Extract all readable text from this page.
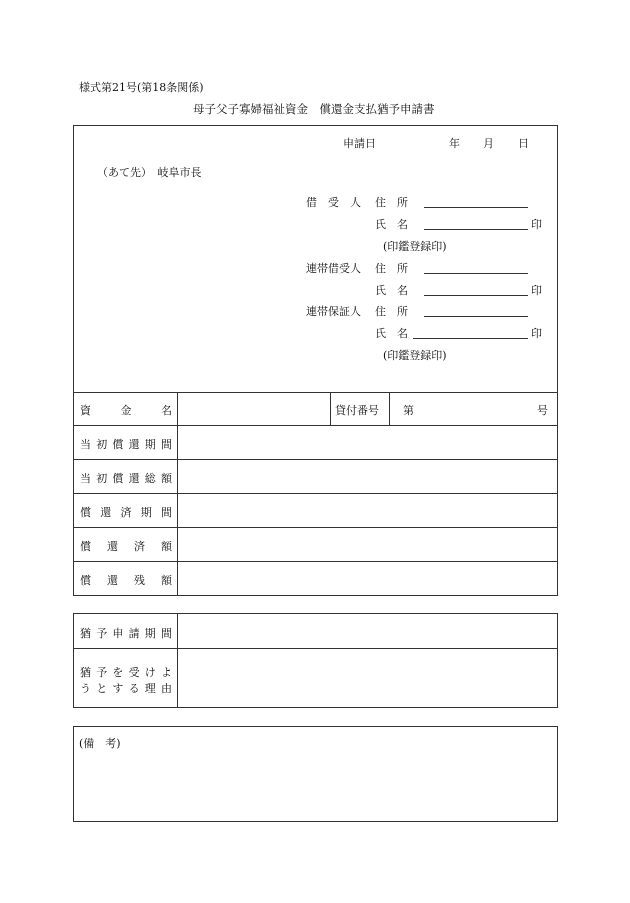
様式第21号(第18条関係)
母子父子寡婦福祉資金　償還金支払猶予申請書
申請日	年 月 日
（あて先）　岐阜市長
借　受　人 住　所
氏　名	印
(印鑑登録印)
連帯借受人 住　所
氏　名	印
連帯保証人 住　所
氏　名	印
(印鑑登録印)
資	金	名	貸付番号 第	号
当 初 償 還 期 間
当 初 償 還 総 額
償 還 済 期 間
償 還 済 額
償 還 残 額
猶 予 申 請 期 間
猶 予 を 受 け よ
う と す る 理 由
(備　考)
